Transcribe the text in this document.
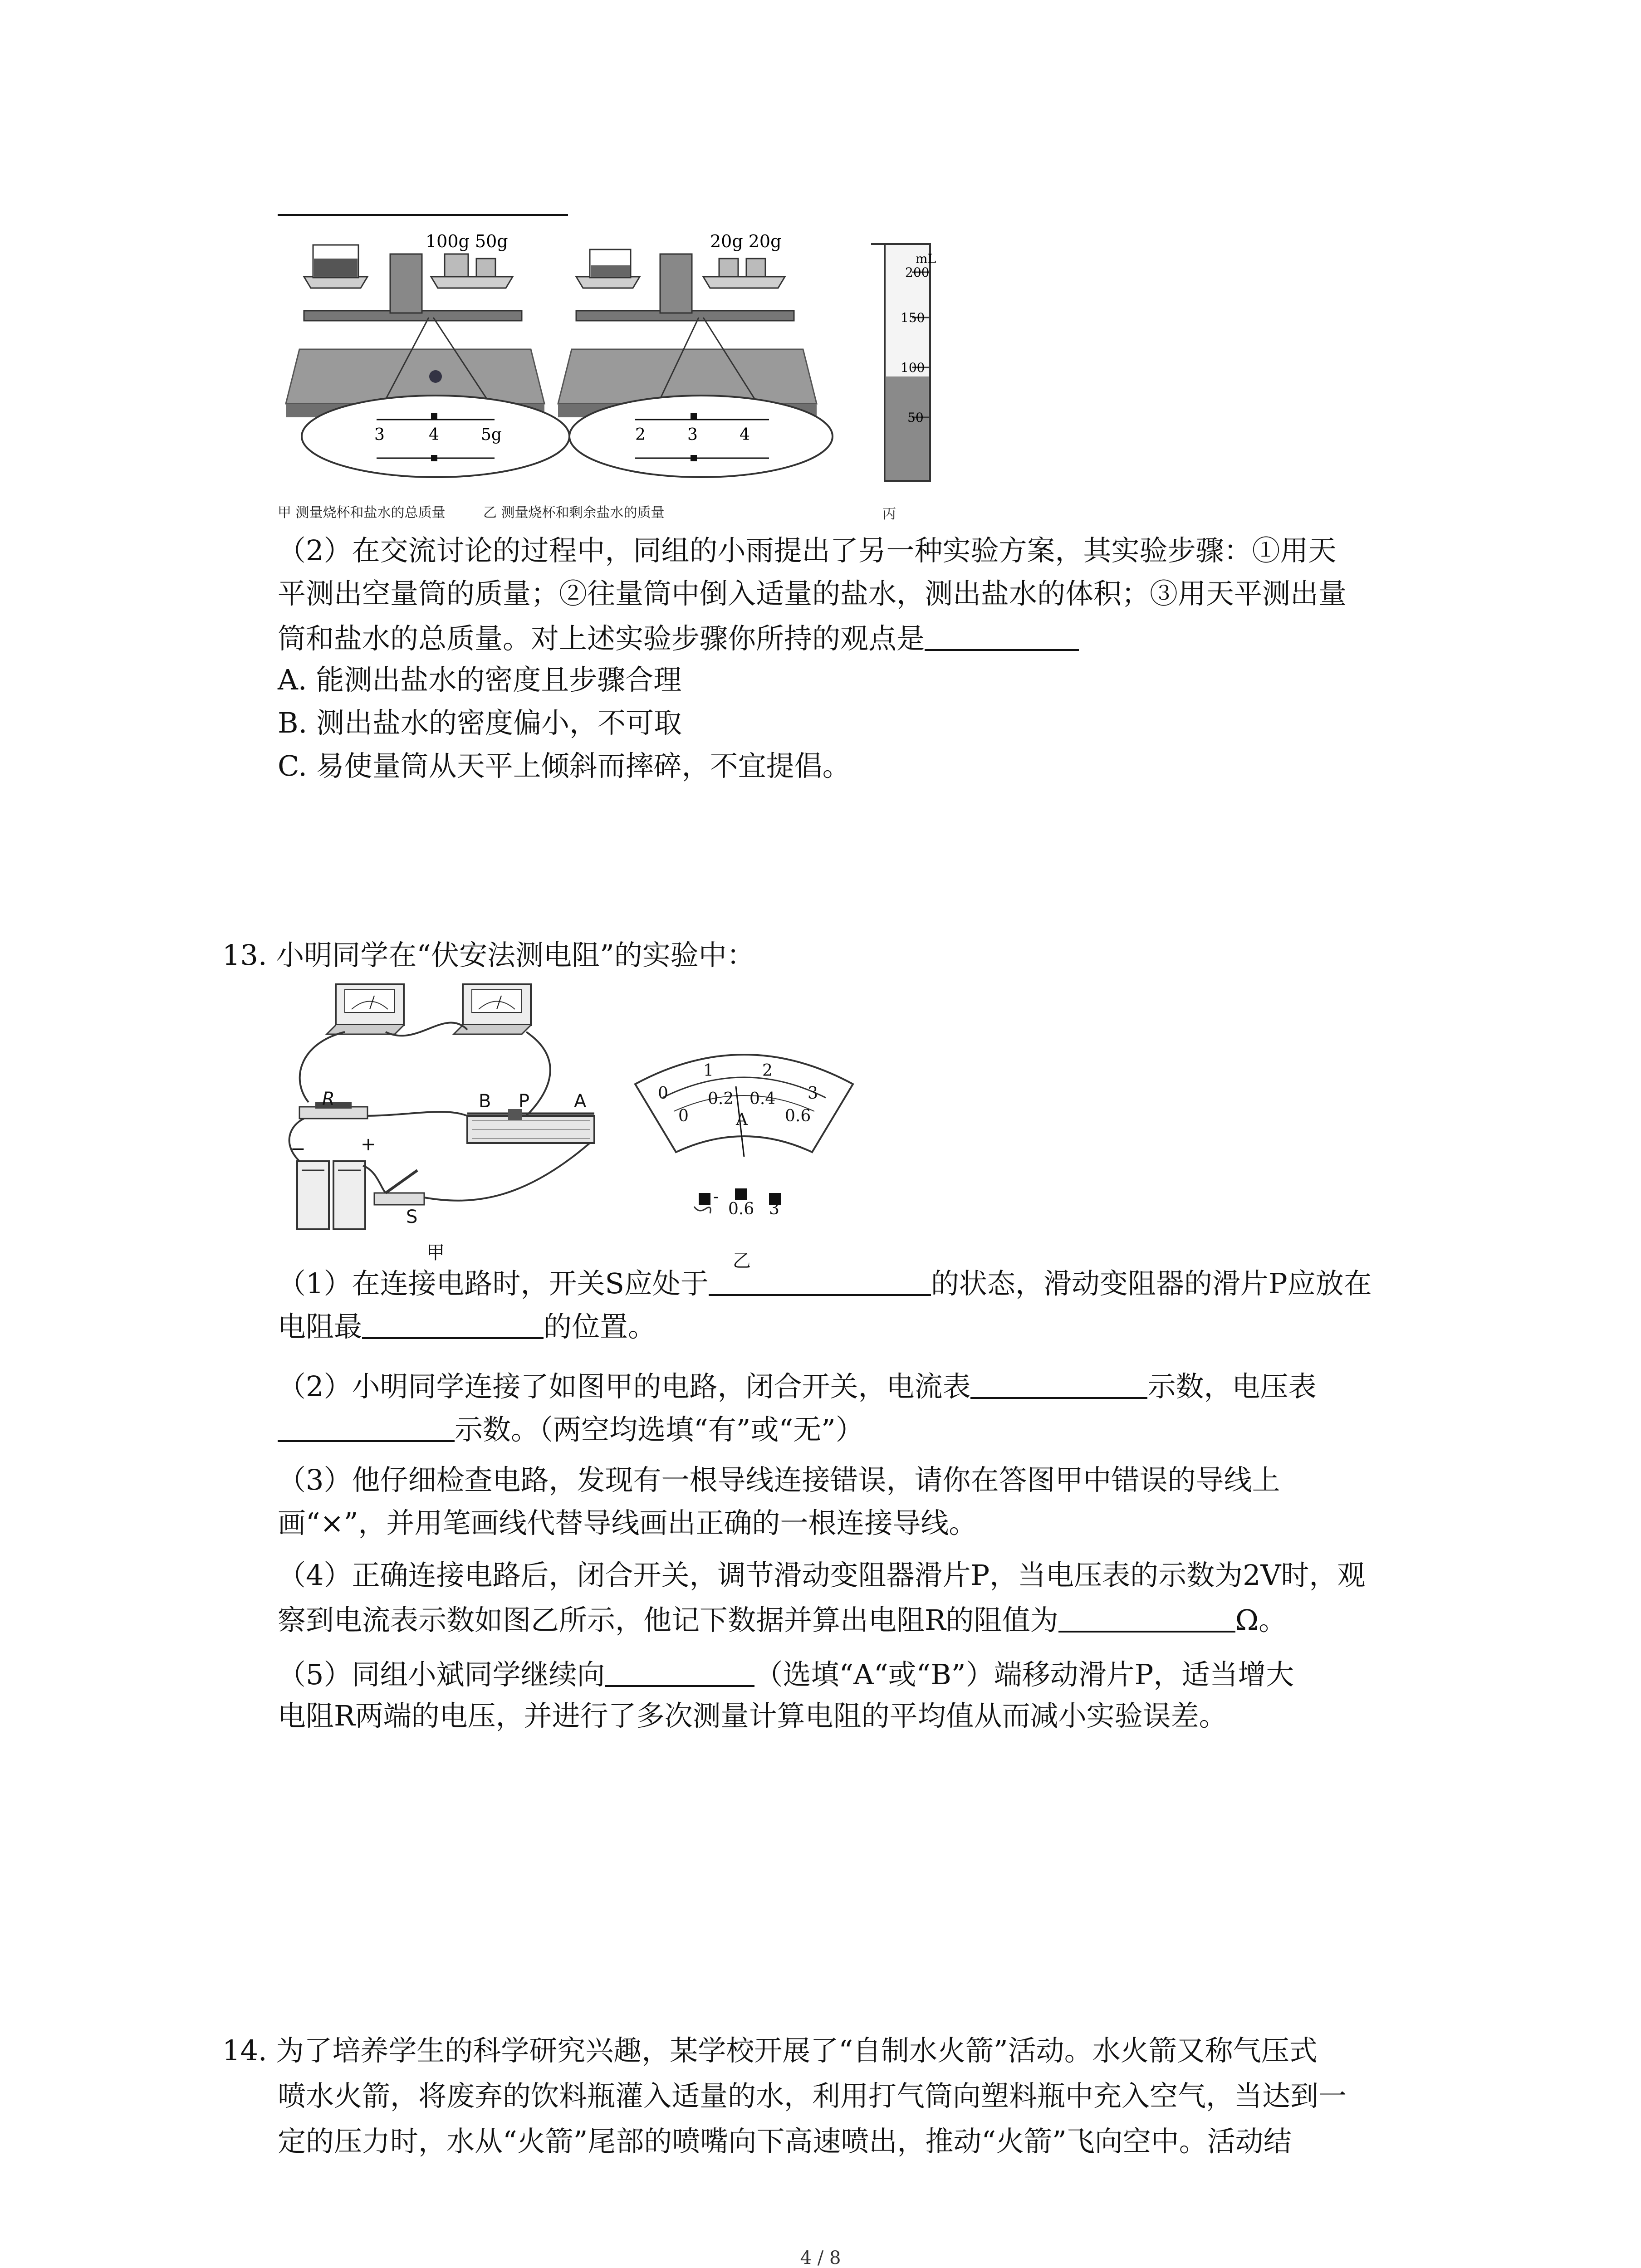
100g 50g
3	4	5g
20g 20g
2	3	4
mL
200
150
100
50
甲 测量烧杯和盐水的总质量	乙 测量烧杯和剩余盐水的质量	丙
（2）在交流讨论的过程中，同组的小雨提出了另一种实验方案，其实验步骤：①用天
平测出空量筒的质量；②往量筒中倒入适量的盐水，测出盐水的体积；③用天平测出量
筒和盐水的总质量。对上述实验步骤你所持的观点是
A. 能测出盐水的密度且步骤合理
B. 测出盐水的密度偏小，不可取
C. 易使量筒从天平上倾斜而摔碎，不宜提倡。
13. 小明同学在“伏安法测电阻”的实验中：
R
−	+
S
B P A
甲
0
1	2
3
0
0.2 0.4
0.6
A
-
0.6 3
乙
（1）在连接电路时，开关S应处于	的状态，滑动变阻器的滑片P应放在
电阻最	的位置。
（2）小明同学连接了如图甲的电路，闭合开关，电流表	示数，电压表
示数。（两空均选填“有”或“无”）
（3）他仔细检查电路，发现有一根导线连接错误，请你在答图甲中错误的导线上
画“×”，并用笔画线代替导线画出正确的一根连接导线。
（4）正确连接电路后，闭合开关，调节滑动变阻器滑片P，当电压表的示数为2V时，观
察到电流表示数如图乙所示，他记下数据并算出电阻R的阻值为	Ω。
（5）同组小斌同学继续向	（选填“A“或“B”）端移动滑片P，适当增大
电阻R两端的电压，并进行了多次测量计算电阻的平均值从而减小实验误差。
14. 为了培养学生的科学研究兴趣，某学校开展了“自制水火箭”活动。水火箭又称气压式
喷水火箭，将废弃的饮料瓶灌入适量的水，利用打气筒向塑料瓶中充入空气，当达到一
定的压力时，水从“火箭”尾部的喷嘴向下高速喷出，推动“火箭”飞向空中。活动结
4 / 8
